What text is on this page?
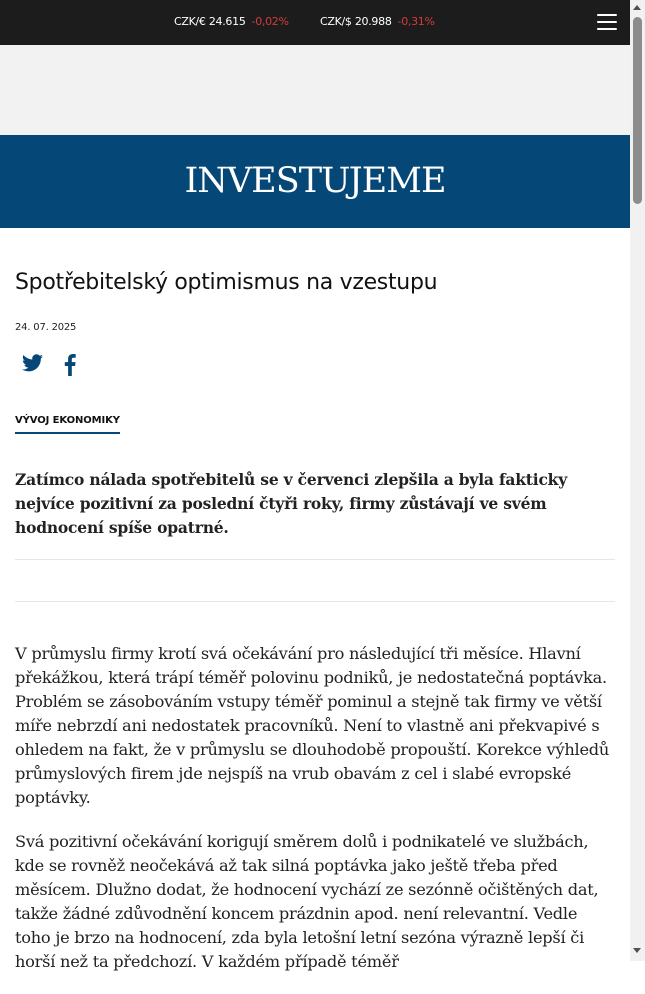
CZK/€ 24.615 -0,02%	CZK/$ 20.988 -0,31%
INVESTUJEME
Spotřebitelský optimismus na vzestupu
24. 07. 2025
VÝVOJ EKONOMIKY

Zatímco nálada spotřebitelů se v červenci zlepšila a byla fakticky nejvíce pozitivní za poslední čtyři roky, firmy zůstávají ve svém hodnocení spíše opatrné.

V průmyslu firmy krotí svá očekávání pro následující tři měsíce. Hlavní překážkou, která trápí téměř polovinu podniků, je nedostatečná poptávka. Problém se zásobováním vstupy téměř pominul a stejně tak firmy ve větší míře nebrzdí ani nedostatek pracovníků. Není to vlastně ani překvapivé s ohledem na fakt, že v průmyslu se dlouhodobě propouští. Korekce výhledů průmyslových firem jde nejspíš na vrub obavám z cel i slabé evropské poptávky.

Svá pozitivní očekávání korigují směrem dolů i podnikatelé ve službách, kde se rovněž neočekává až tak silná poptávka jako ještě třeba před měsícem. Dlužno dodat, že hodnocení vychází ze sezónně očištěných dat, takže žádné zdůvodnění koncem prázdnin apod. není relevantní. Vedle toho je brzo na hodnocení, zda byla letošní letní sezóna výrazně lepší či horší než ta předchozí. V každém případě téměř
